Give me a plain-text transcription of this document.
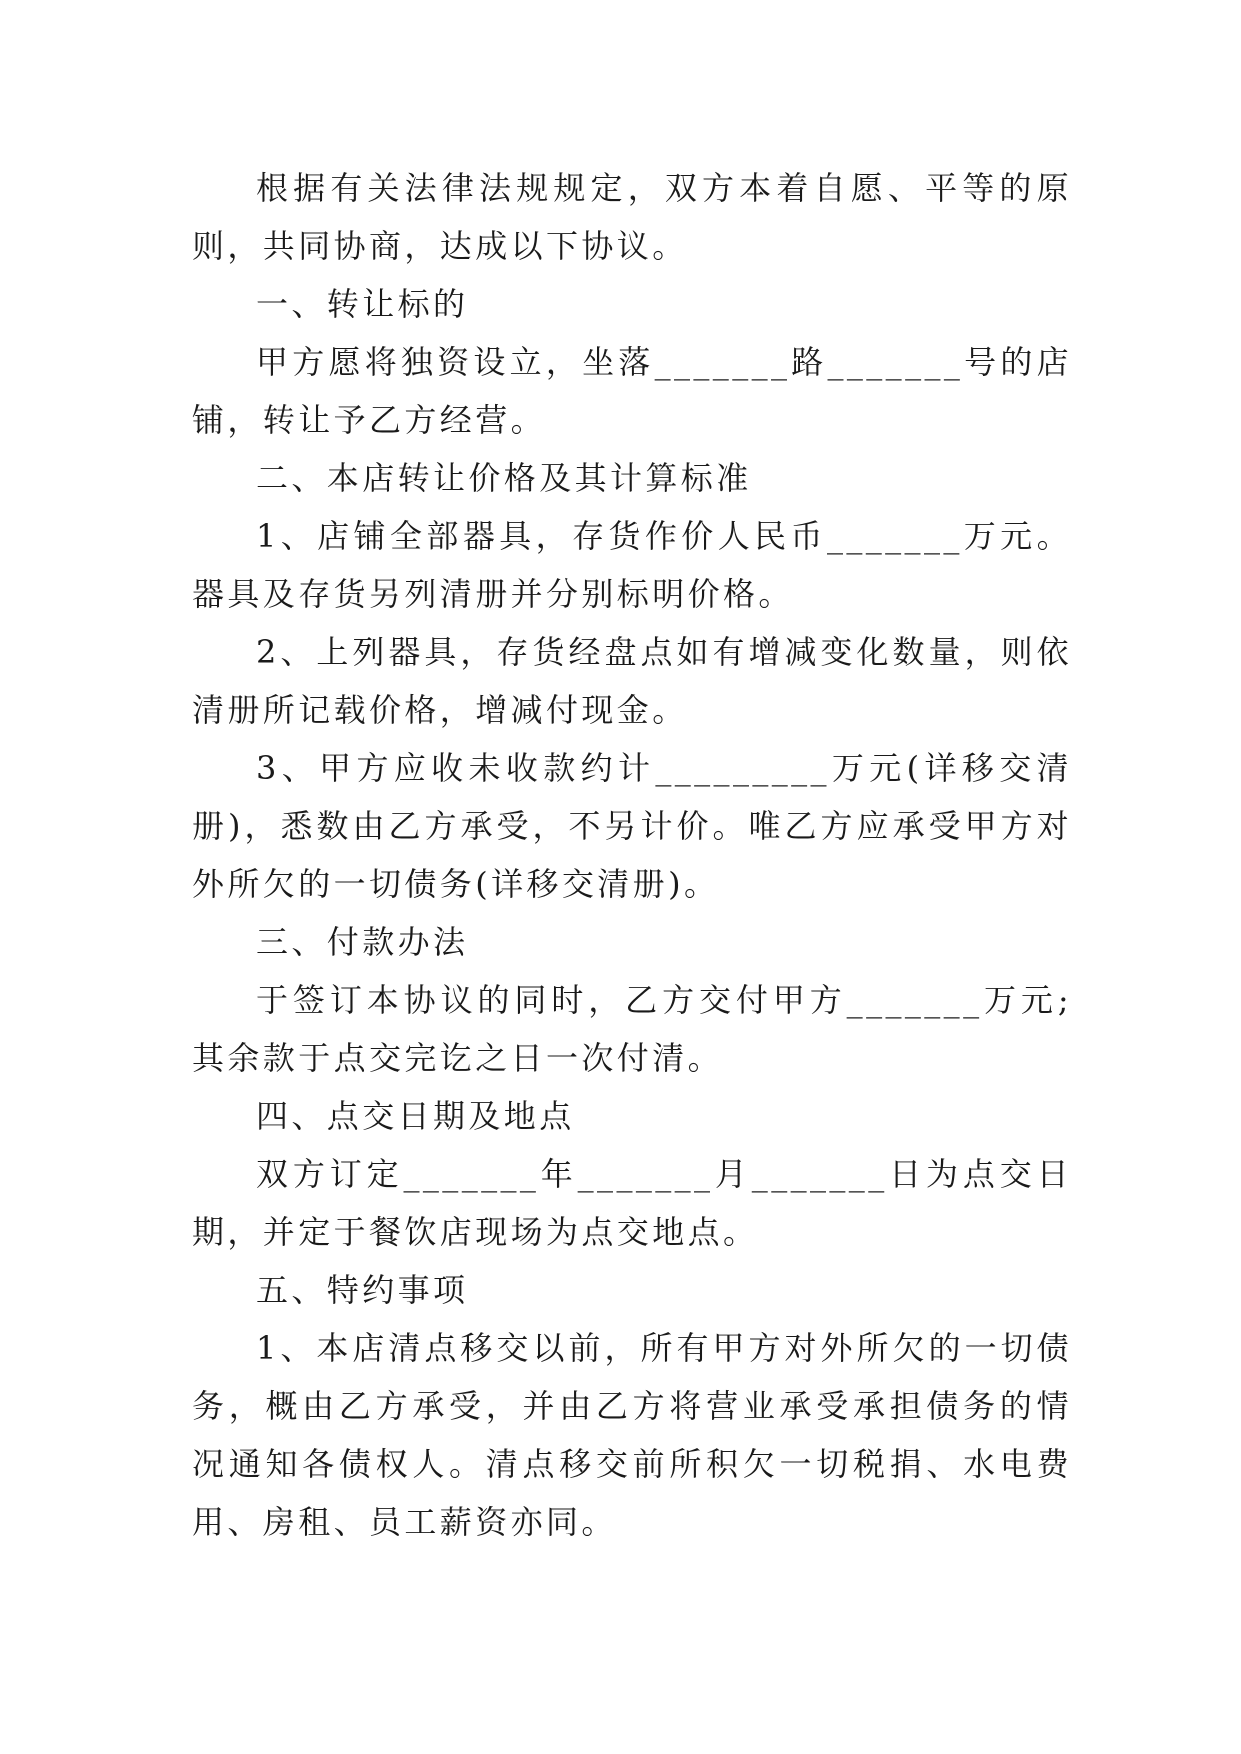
根据有关法律法规规定，双方本着自愿、平等的原则，共同协商，达成以下协议。

一、转让标的

甲方愿将独资设立，坐落_______路_______号的店铺，转让予乙方经营。

二、本店转让价格及其计算标准

1、店铺全部器具，存货作价人民币_______万元。器具及存货另列清册并分别标明价格。

2、上列器具，存货经盘点如有增减变化数量，则依清册所记载价格，增减付现金。

3、甲方应收未收款约计_________万元(详移交清册)，悉数由乙方承受，不另计价。唯乙方应承受甲方对外所欠的一切债务(详移交清册)。

三、付款办法

于签订本协议的同时，乙方交付甲方_______万元;其余款于点交完讫之日一次付清。

四、点交日期及地点

双方订定_______年_______月_______日为点交日期，并定于餐饮店现场为点交地点。

五、特约事项

1、本店清点移交以前，所有甲方对外所欠的一切债务，概由乙方承受，并由乙方将营业承受承担债务的情况通知各债权人。清点移交前所积欠一切税捐、水电费用、房租、员工薪资亦同。
